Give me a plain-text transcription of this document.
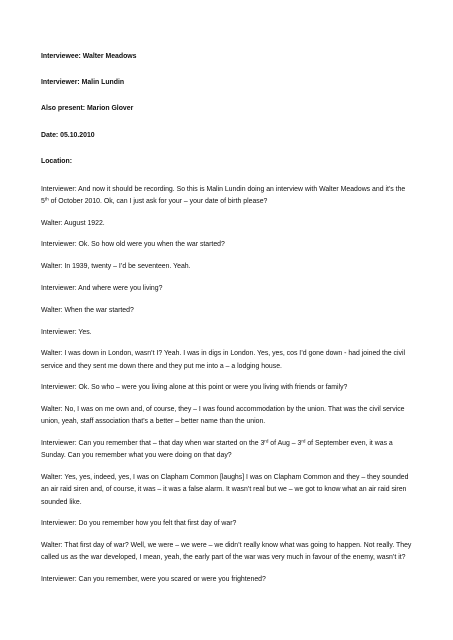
Interviewee: Walter Meadows
Interviewer: Malin Lundin
Also present: Marion Glover
Date: 05.10.2010
Location:

Interviewer: And now it should be recording. So this is Malin Lundin doing an interview with Walter Meadows and it’s the 5th of October 2010. Ok, can I just ask for your – your date of birth please?

Walter: August 1922.

Interviewer: Ok. So how old were you when the war started?

Walter: In 1939, twenty – I’d be seventeen. Yeah.

Interviewer: And where were you living?

Walter: When the war started?

Interviewer: Yes.

Walter: I was down in London, wasn’t I? Yeah. I was in digs in London. Yes, yes, cos I’d gone down - had joined the civil service and they sent me down there and they put me into a – a lodging house.

Interviewer: Ok. So who – were you living alone at this point or were you living with friends or family?

Walter: No, I was on me own and, of course, they – I was found accommodation by the union. That was the civil service union, yeah, staff association that’s a better – better name than the union.

Interviewer: Can you remember that – that day when war started on the 3rd of Aug – 3rd of September even, it was a Sunday. Can you remember what you were doing on that day?

Walter: Yes, yes, indeed, yes, I was on Clapham Common [laughs] I was on Clapham Common and they – they sounded an air raid siren and, of course, it was – it was a false alarm. It wasn’t real but we – we got to know what an air raid siren sounded like.

Interviewer: Do you remember how you felt that first day of war?

Walter: That first day of war? Well, we were – we were – we didn’t really know what was going to happen. Not really. They called us as the war developed, I mean, yeah, the early part of the war was very much in favour of the enemy, wasn’t it?

Interviewer: Can you remember, were you scared or were you frightened?
